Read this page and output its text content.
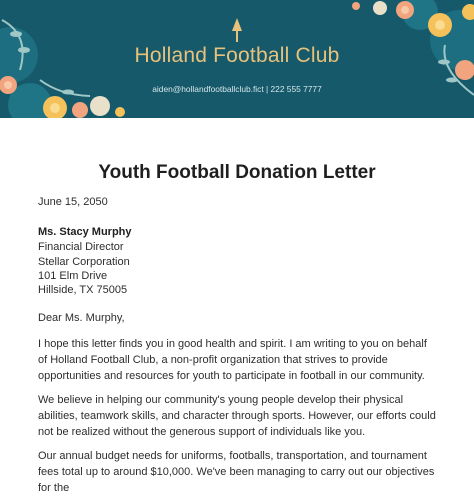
Holland Football Club
aiden@hollandfootballclub.fict | 222 555 7777
Youth Football Donation Letter
June 15, 2050
Ms. Stacy Murphy
Financial Director
Stellar Corporation
101 Elm Drive
Hillside, TX 75005
Dear Ms. Murphy,
I hope this letter finds you in good health and spirit. I am writing to you on behalf of Holland Football Club, a non-profit organization that strives to provide opportunities and resources for youth to participate in football in our community.
We believe in helping our community's young people develop their physical abilities, teamwork skills, and character through sports. However, our efforts could not be realized without the generous support of individuals like you.
Our annual budget needs for uniforms, footballs, transportation, and tournament fees total up to around $10,000. We've been managing to carry out our objectives for the
